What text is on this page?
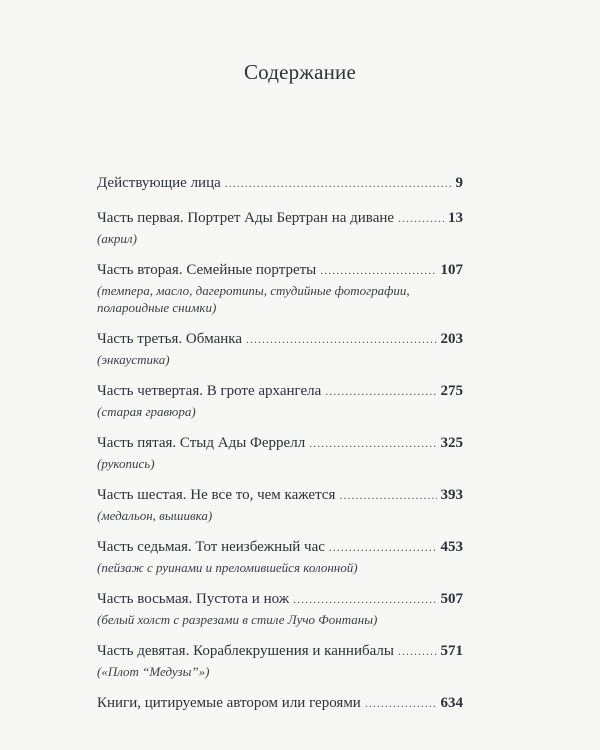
Содержание
Действующие лица . . .	9
Часть первая. Портрет Ады Бертран на диване . . .	13
(акрил)
Часть вторая. Семейные портреты . . .	107
(темпера, масло, дагеротипы, студийные фотографии,
полароидные снимки)
Часть третья. Обманка . . .	203
(энкаустика)
Часть четвертая. В гроте архангела . . .	275
(старая гравюра)
Часть пятая. Стыд Ады Феррелл . . .	325
(рукопись)
Часть шестая. Не все то, чем кажется . . .	393
(медальон, вышивка)
Часть седьмая. Тот неизбежный час . . .	453
(пейзаж с руинами и преломившейся колонной)
Часть восьмая. Пустота и нож . . .	507
(белый холст с разрезами в стиле Лучо Фонтаны)
Часть девятая. Кораблекрушения и каннибалы . . .	571
(«Плот “Медузы”»)
Книги, цитируемые автором или героями . . .	634
